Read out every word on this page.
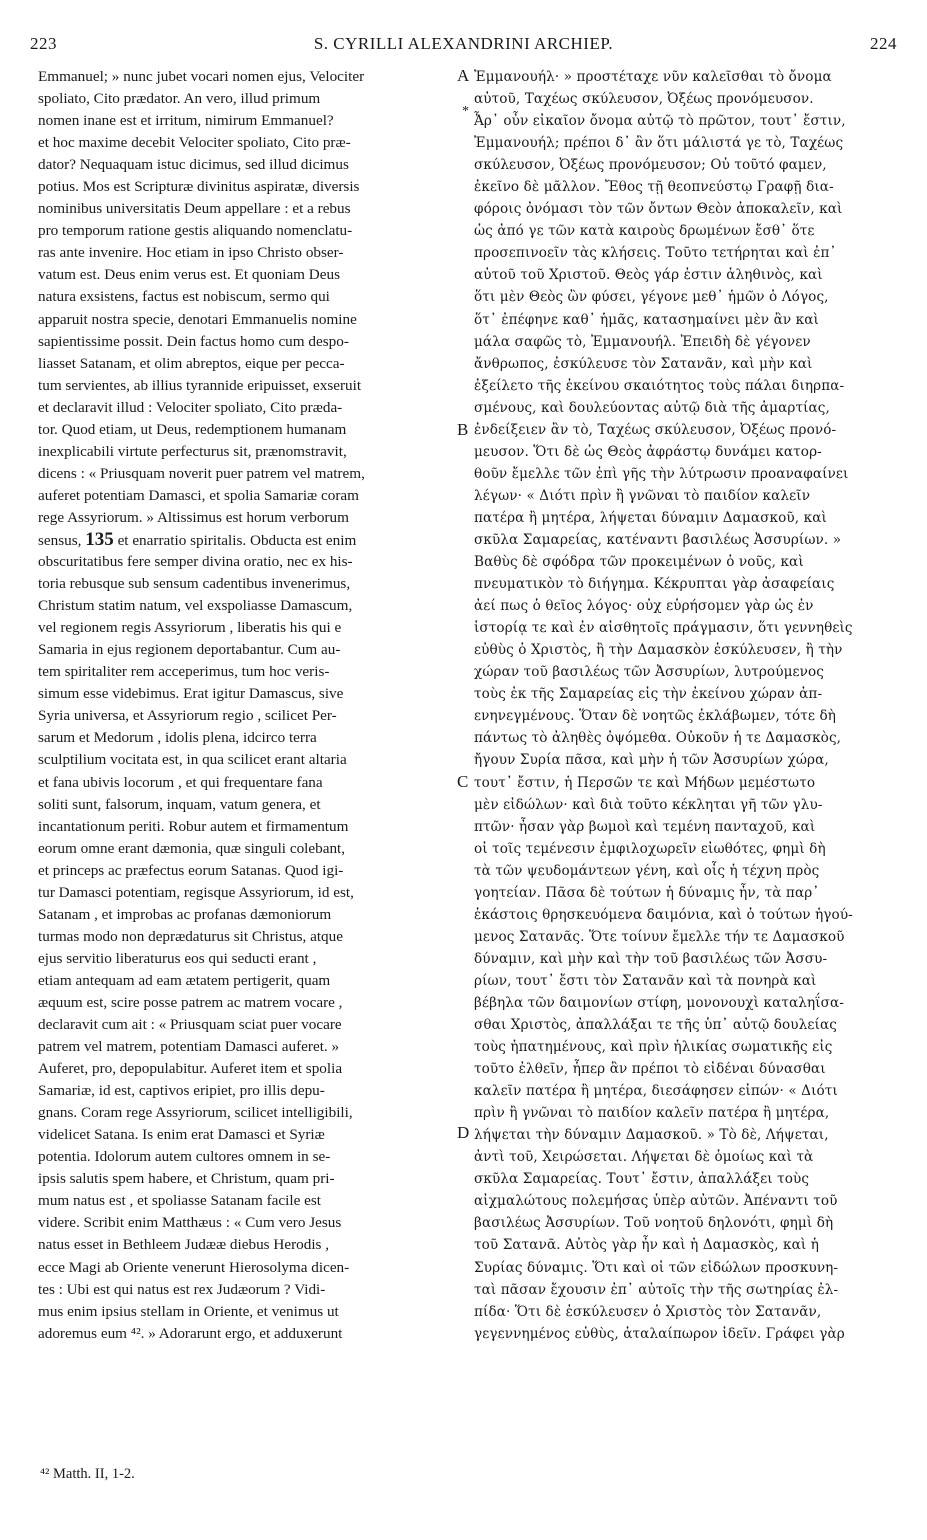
223	S. CYRILLI ALEXANDRINI ARCHIEP.	224
Emmanuel; » nunc jubet vocari nomen ejus, Velociter
spoliato, Cito prædator. An vero, illud primum
nomen inane est et irritum, nimirum Emmanuel?
et hoc maxime decebit Velociter spoliato, Cito præ-
dator? Nequaquam istuc dicimus, sed illud dicimus
potius. Mos est Scripturæ divinitus aspiratæ, diversis
nominibus universitatis Deum appellare : et a rebus
pro temporum ratione gestis aliquando nomenclatu-
ras ante invenire. Hoc etiam in ipso Christo obser-
vatum est. Deus enim verus est. Et quoniam Deus
natura exsistens, factus est nobiscum, sermo qui
apparuit nostra specie, denotari Emmanuelis nomine
sapientissime possit. Dein factus homo cum despo-
liasset Satanam, et olim abreptos, eique per pecca-
tum servientes, ab illius tyrannide eripuisset, exseruit
et declaravit illud : Velociter spoliato, Cito præda-
tor. Quod etiam, ut Deus, redemptionem humanam
inexplicabili virtute perfecturus sit, prænomstravit,
dicens : « Priusquam noverit puer patrem vel matrem,
auferet potentiam Damasci, et spolia Samariæ coram
rege Assyriorum. » Altissimus est horum verborum
sensus, 135 et enarratio spiritalis. Obducta est enim
obscuritatibus fere semper divina oratio, nec ex his-
toria rebusque sub sensum cadentibus invenerimus,
Christum statim natum, vel exspoliasse Damascum,
vel regionem regis Assyriorum , liberatis his qui e
Samaria in ejus regionem deportabantur. Cum au-
tem spiritaliter rem acceperimus, tum hoc veris-
simum esse videbimus. Erat igitur Damascus, sive
Syria universa, et Assyriorum regio , scilicet Per-
sarum et Medorum , idolis plena, idcirco terra
sculptilium vocitata est, in qua scilicet erant altaria
et fana ubivis locorum , et qui frequentare fana
soliti sunt, falsorum, inquam, vatum genera, et
incantationum periti. Robur autem et firmamentum
eorum omne erant dæmonia, quæ singuli colebant,
et princeps ac præfectus eorum Satanas. Quod igi-
tur Damasci potentiam, regisque Assyriorum, id est,
Satanam , et improbas ac profanas dæmoniorum
turmas modo non deprædaturus sit Christus, atque
ejus servitio liberaturus eos qui seducti erant ,
etiam antequam ad eam ætatem pertigerit, quam
æquum est, scire posse patrem ac matrem vocare ,
declaravit cum ait : « Priusquam sciat puer vocare
patrem vel matrem, potentiam Damasci auferet. »
Auferet, pro, depopulabitur. Auferet item et spolia
Samariæ, id est, captivos eripiet, pro illis depu-
gnans. Coram rege Assyriorum, scilicet intelligibili,
videlicet Satana. Is enim erat Damasci et Syriæ
potentia. Idolorum autem cultores omnem in se-
ipsis salutis spem habere, et Christum, quam pri-
mum natus est , et spoliasse Satanam facile est
videre. Scribit enim Matthæus : « Cum vero Jesus
natus esset in Bethleem Judææ diebus Herodis ,
ecce Magi ab Oriente venerunt Hierosolyma dicen-
tes : Ubi est qui natus est rex Judæorum ? Vidi-
mus enim ipsius stellam in Oriente, et venimus ut
adoremus eum ⁴². » Adorarunt ergo, et adduxerunt
Ἐμμανουήλ· » προστέταχε νῦν καλεῖσθαι τὸ ὄνομα
αὐτοῦ, Ταχέως σκύλευσον, Ὀξέως προνόμευσον.
Ἆρ᾽ οὖν εἰκαῖον ὄνομα αὐτῷ τὸ πρῶτον, τουτ᾽ ἔστιν,
Ἐμμανουήλ; πρέποι δ᾽ ἂν ὅτι μάλιστά γε τὸ, Ταχέως
σκύλευσον, Ὀξέως προνόμευσον; Οὐ τοῦτό φαμεν,
ἐκεῖνο δὲ μᾶλλον. Ἔθος τῇ θεοπνεύστῳ Γραφῇ δια-
φόροις ὀνόμασι τὸν τῶν ὄντων Θεὸν ἀποκαλεῖν, καὶ
ὡς ἀπό γε τῶν κατὰ καιροὺς δρωμένων ἔσθ᾽ ὅτε
προσεπινοεῖν τὰς κλήσεις. Τοῦτο τετήρηται καὶ ἐπ᾽
αὐτοῦ τοῦ Χριστοῦ. Θεὸς γάρ ἐστιν ἀληθινὸς, καὶ
ὅτι μὲν Θεὸς ὢν φύσει, γέγονε μεθ᾽ ἡμῶν ὁ Λόγος,
ὅτ᾽ ἐπέφηνε καθ᾽ ἡμᾶς, κατασημαίνει μὲν ἂν καὶ
μάλα σαφῶς τὸ, Ἐμμανουήλ. Ἐπειδὴ δὲ γέγονεν
ἄνθρωπος, ἐσκύλευσε τὸν Σατανᾶν, καὶ μὴν καὶ
ἐξείλετο τῆς ἐκείνου σκαιότητος τοὺς πάλαι διηρπα-
σμένους, καὶ δουλεύοντας αὐτῷ διὰ τῆς ἁμαρτίας,
ἐνδείξειεν ἂν τὸ, Ταχέως σκύλευσον, Ὀξέως προνό-
μευσον. Ὅτι δὲ ὡς Θεὸς ἀφράστῳ δυνάμει κατορ-
θοῦν ἔμελλε τῶν ἐπὶ γῆς τὴν λύτρωσιν προαναφαίνει
λέγων· « Διότι πρὶν ἢ γνῶναι τὸ παιδίον καλεῖν
πατέρα ἢ μητέρα, λήψεται δύναμιν Δαμασκοῦ, καὶ
σκῦλα Σαμαρείας, κατέναντι βασιλέως Ἀσσυρίων. »
Βαθὺς δὲ σφόδρα τῶν προκειμένων ὁ νοῦς, καὶ
πνευματικὸν τὸ διήγημα. Κέκρυπται γὰρ ἀσαφείαις
ἀεί πως ὁ θεῖος λόγος· οὐχ εὑρήσομεν γὰρ ὡς ἐν
ἱστορίᾳ τε καὶ ἐν αἰσθητοῖς πράγμασιν, ὅτι γεννηθεὶς
εὐθὺς ὁ Χριστὸς, ἢ τὴν Δαμασκὸν ἐσκύλευσεν, ἢ τὴν
χώραν τοῦ βασιλέως τῶν Ἀσσυρίων, λυτρούμενος
τοὺς ἐκ τῆς Σαμαρείας εἰς τὴν ἐκείνου χώραν ἀπ-
ενηνεγμένους. Ὅταν δὲ νοητῶς ἐκλάβωμεν, τότε δὴ
πάντως τὸ ἀληθὲς ὀψόμεθα. Οὐκοῦν ἡ τε Δαμασκὸς,
ἤγουν Συρία πᾶσα, καὶ μὴν ἡ τῶν Ἀσσυρίων χώρα,
τουτ᾽ ἔστιν, ἡ Περσῶν τε καὶ Μήδων μεμέστωτο
μὲν εἰδώλων· καὶ διὰ τοῦτο κέκληται γῆ τῶν γλυ-
πτῶν· ἦσαν γὰρ βωμοὶ καὶ τεμένη πανταχοῦ, καὶ
οἱ τοῖς τεμένεσιν ἐμφιλοχωρεῖν εἰωθότες, φημὶ δὴ
τὰ τῶν ψευδομάντεων γένη, καὶ οἷς ἡ τέχνη πρὸς
γοητείαν. Πᾶσα δὲ τούτων ἡ δύναμις ἦν, τὰ παρ᾽
ἑκάστοις θρησκευόμενα δαιμόνια, καὶ ὁ τούτων ἡγού-
μενος Σατανᾶς. Ὅτε τοίνυν ἔμελλε τήν τε Δαμασκοῦ
δύναμιν, καὶ μὴν καὶ τὴν τοῦ βασιλέως τῶν Ἀσσυ-
ρίων, τουτ᾽ ἔστι τὸν Σατανᾶν καὶ τὰ πονηρὰ καὶ
βέβηλα τῶν δαιμονίων στίφη, μονονουχὶ καταληΐσα-
σθαι Χριστὸς, ἀπαλλάξαι τε τῆς ὑπ᾽ αὐτῷ δουλείας
τοὺς ἠπατημένους, καὶ πρὶν ἡλικίας σωματικῆς εἰς
τοῦτο ἐλθεῖν, ἧπερ ἂν πρέποι τὸ εἰδέναι δύνασθαι
καλεῖν πατέρα ἢ μητέρα, διεσάφησεν εἰπών· « Διότι
πρὶν ἢ γνῶναι τὸ παιδίον καλεῖν πατέρα ἢ μητέρα,
λήψεται τὴν δύναμιν Δαμασκοῦ. » Τὸ δὲ, Λήψεται,
ἀντὶ τοῦ, Χειρώσεται. Λήψεται δὲ ὁμοίως καὶ τὰ
σκῦλα Σαμαρείας. Τουτ᾽ ἔστιν, ἀπαλλάξει τοὺς
αἰχμαλώτους πολεμήσας ὑπὲρ αὐτῶν. Ἀπέναντι τοῦ
βασιλέως Ἀσσυρίων. Τοῦ νοητοῦ δηλονότι, φημὶ δὴ
τοῦ Σατανᾶ. Αὐτὸς γὰρ ἦν καὶ ἡ Δαμασκὸς, καὶ ἡ
Συρίας δύναμις. Ὅτι καὶ οἱ τῶν εἰδώλων προσκυνη-
ταὶ πᾶσαν ἔχουσιν ἐπ᾽ αὐτοῖς τὴν τῆς σωτηρίας ἐλ-
πίδα· Ὅτι δὲ ἐσκύλευσεν ὁ Χριστὸς τὸν Σατανᾶν,
γεγεννημένος εὐθὺς, ἀταλαίπωρον ἰδεῖν. Γράφει γὰρ
A
*
B
C
D
⁴² Matth. II, 1-2.
